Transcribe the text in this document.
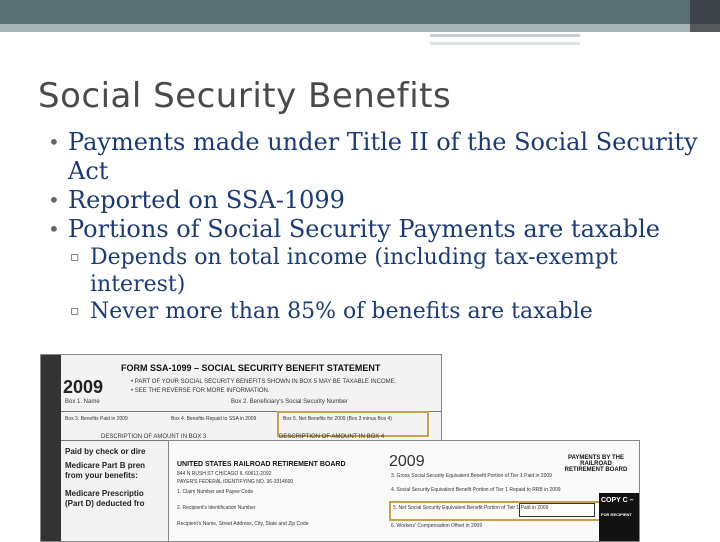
Social Security Benefits
• Payments made under Title II of the Social Security Act
• Reported on SSA-1099
• Portions of Social Security Payments are taxable
▫ Depends on total income (including tax-exempt interest)
▫ Never more than 85% of benefits are taxable
FORM SSA-1099 – SOCIAL SECURITY BENEFIT STATEMENT
2009	• PART OF YOUR SOCIAL SECURITY BENEFITS SHOWN IN BOX 5 MAY BE TAXABLE INCOME.
• SEE THE REVERSE FOR MORE INFORMATION.
Box 1. Name	Box 2. Beneficiary's Social Security Number
Box 3. Benefits Paid in 2009	Box 4. Benefits Repaid to SSA in 2009	Box 5. Net Benefits for 2009 (Box 3 minus Box 4)
DESCRIPTION OF AMOUNT IN BOX 3	DESCRIPTION OF AMOUNT IN BOX 4
Paid by check or dire
Medicare Part B pren
from your benefits:
Medicare Prescriptio
(Part D) deducted fro
UNITED STATES RAILROAD RETIREMENT BOARD
844 N RUSH ST CHICAGO IL 60611-2092
PAYER'S FEDERAL IDENTIFYING NO. 36-3314600
1. Claim Number and Payee Code
2. Recipient's Identification Number
Recipient's Name, Street Address, City, State and Zip Code
2009	PAYMENTS BY THE RAILROAD RETIREMENT BOARD
3. Gross Social Security Equivalent Benefit Portion of Tier 1 Paid in 2009
4. Social Security Equivalent Benefit Portion of Tier 1 Repaid to RRB in 2009
5. Net Social Security Equivalent Benefit Portion of Tier 1 Paid in 2009
6. Workers' Compensation Offset in 2009
COPY C –
FOR RECIPIENT
